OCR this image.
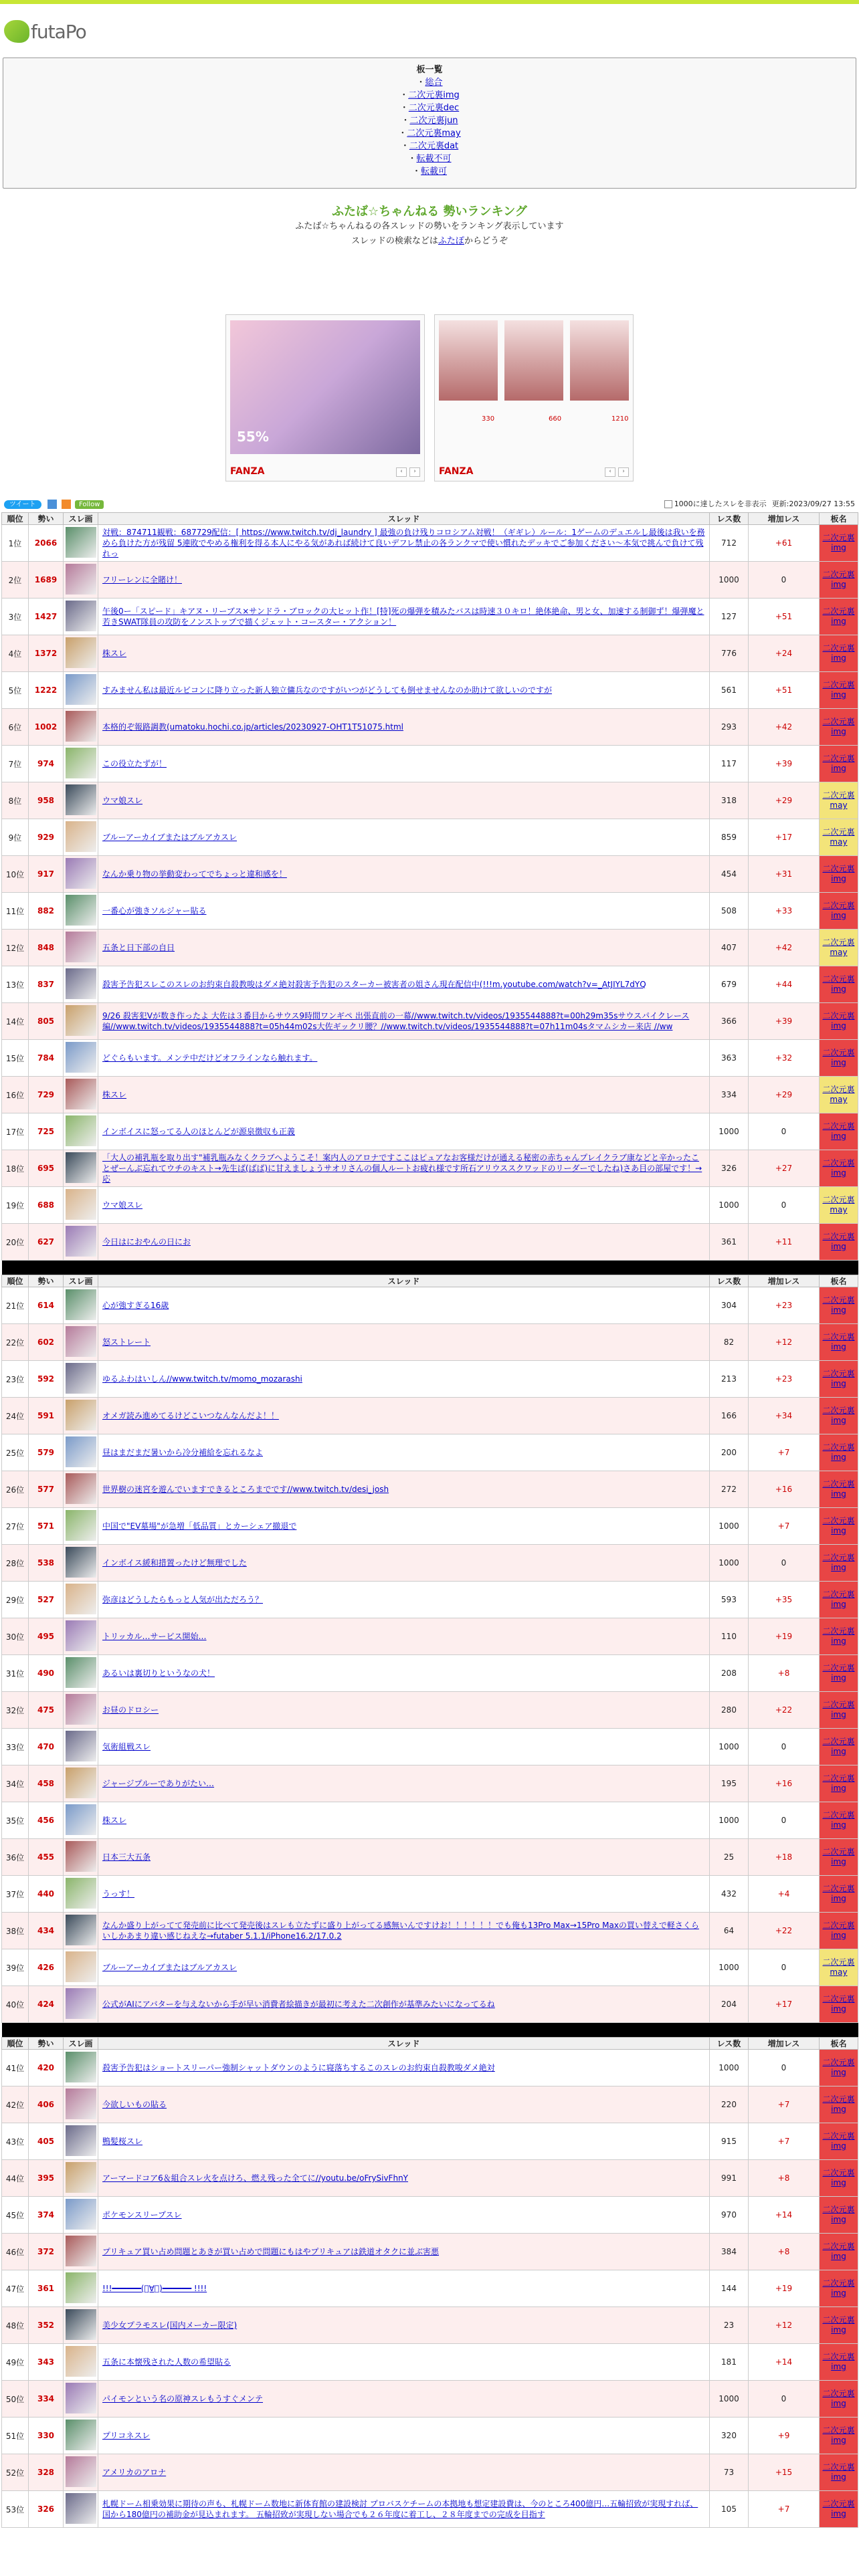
futaPo
板一覧
・総合
・二次元裏img
・二次元裏dec
・二次元裏jun
・二次元裏may
・二次元裏dat
・転載不可
・転載可
ふたば☆ちゃんねる 勢いランキング

ふたば☆ちゃんねるの各スレッドの勢いをランキング表示しています

スレッドの検索などはふたぽからどうぞ

55%
FANZA	‹	›
330	660	1210
FANZA	‹	›
ツイート	Follow	1000に達したスレを非表示 更新:2023/09/27 13:55
順位	勢い	スレ画	スレッド	レス数	増加レス	板名
1位	2066		対戦：874711観戦：687729配信：[ https://www.twitch.tv/dj_laundry ] 最強の負け残りコロシアム対戦！（ギギレ）ルール：1ゲームのデュエルし最後は我いを務めら負けた方が残留 5連敗でやめる権利を得る本人にやる気があれば続けて良いデフレ禁止の各ランクマで使い慣れたデッキでご参加ください～本気で挑んで負けて残れっ	712	+61	二次元裏img
2位	1689		フリーレンに全賭け！	1000	0	二次元裏img
3位	1427		午後0ー「スピード」キアヌ・リーブス×サンドラ・ブロックの大ヒット作！[特]死の爆弾を積みたバスは時速３０キロ！絶体絶命、男と女、加速する制御ず！爆弾魔と若きSWAT隊員の攻防をノンストップで描くジェット・コースター・アクション！	127	+51	二次元裏img
4位	1372		株スレ	776	+24	二次元裏img
5位	1222		すみません私は最近ルビコンに降り立った新人独立傭兵なのですがいつがどうしても倒せませんなのか助けて欲しいのですが	561	+51	二次元裏img
6位	1002		本格的ぞ報路調教(umatoku.hochi.co.jp/articles/20230927-OHT1T51075.html	293	+42	二次元裏img
7位	974		この役立たずが！	117	+39	二次元裏img
8位	958		ウマ娘スレ	318	+29	二次元裏may
9位	929		ブルーアーカイブまたはブルアカスレ	859	+17	二次元裏may
10位	917		なんか乗り物の挙動変わってでちょっと違和感を！	454	+31	二次元裏img
11位	882		一番心が強きソルジャー貼る	508	+33	二次元裏img
12位	848		五条と日下部の自日	407	+42	二次元裏may
13位	837		殺害予告犯スレこのスレのお約束自殺教唆はダメ絶対殺害予告犯のスターカー被害者の姐さん現在配信中(!!!m.youtube.com/watch?v=_AtJIYL7dYQ	679	+44	二次元裏img
14位	805		9/26 殺害犯Vが数き作ったよ 大佐は３番目からサウス9時間ワンギペ 出張直前の一幕//www.twitch.tv/videos/1935544888?t=00h29m35sサウスパイクレース編//www.twitch.tv/videos/1935544888?t=05h44m02s大佐ギックリ腰？//www.twitch.tv/videos/1935544888?t=07h11m04sタマムシカー来店 //ww	366	+39	二次元裏img
15位	784		どぐらもいます。メンテ中だけどオフラインなら触れます。	363	+32	二次元裏img
16位	729		株スレ	334	+29	二次元裏may
17位	725		インボイスに怒ってる人のほとんどが源泉徴収も正義	1000	0	二次元裏img
18位	695		「大人の補乳瓶を取り出す"補乳瓶みなくクラブへようこそ！案内人のアロナですここはピュアなお客様だけが通える秘密の赤ちゃんプレイクラブ康などと辛かったことぜーんぶ忘れてウチのキスト→先生ば(ばば)に甘えましょうサオリさんの個人ルートお疲れ様です所石アリウススクワッドのリーダーでしたね)さあ目の部屋です！→応	326	+27	二次元裏img
19位	688		ウマ娘スレ	1000	0	二次元裏may
20位	627		今日はにおやんの日にお	361	+11	二次元裏img

順位	勢い	スレ画	スレッド	レス数	増加レス	板名
21位	614		心が強すぎる16歳	304	+23	二次元裏img
22位	602		怒ストレート	82	+12	二次元裏img
23位	592		ゆるふわはいしん//www.twitch.tv/momo_mozarashi	213	+23	二次元裏img
24位	591		オメガ読み進めてるけどこいつなんなんだよ！！	166	+34	二次元裏img
25位	579		昼はまだまだ暑いから冷分補給を忘れるなよ	200	+7	二次元裏img
26位	577		世界樹の迷宮を遊んでいますできるところまでです//www.twitch.tv/desi_josh	272	+16	二次元裏img
27位	571		中国で"EV墓場"が急増「低品質」とカーシェア撤退で	1000	+7	二次元裏img
28位	538		インボイス緩和措置ったけど無理でした	1000	0	二次元裏img
29位	527		弥彦はどうしたらもっと人気が出ただろう？	593	+35	二次元裏img
30位	495		トリッカル…サービス開始…	110	+19	二次元裏img
31位	490		あるいは裏切りというなの犬！	208	+8	二次元裏img
32位	475		お昼のドロシー	280	+22	二次元裏img
33位	470		気術組戦スレ	1000	0	二次元裏img
34位	458		ジャージプルーでありがたい…	195	+16	二次元裏img
35位	456		株スレ	1000	0	二次元裏img
36位	455		日本三大五条	25	+18	二次元裏img
37位	440		うっす！	432	+4	二次元裏img
38位	434		なんか盛り上がってて発売前に比べて発売後はスレも立たずに盛り上がってる感無いんですけお！！！！！！でも俺も13Pro Max→15Pro Maxの買い替えで軽さくらいしかあまり違い感じねえな→futaber 5.1.1/iPhone16.2/17.0.2	64	+22	二次元裏img
39位	426		ブルーアーカイブまたはブルアカスレ	1000	0	二次元裏may
40位	424		公式がAIにアバターを与えないから手が早い消費者絵描きが最初に考えた二次創作が基準みたいになってるね	204	+17	二次元裏img

順位	勢い	スレ画	スレッド	レス数	増加レス	板名
41位	420		殺害予告犯はショートスリーパー強制シャットダウンのように寝落ちするこのスレのお約束自殺教唆ダメ絶対	1000	0	二次元裏img
42位	406		今欲しいもの貼る	220	+7	二次元裏img
43位	405		鴨髪桜スレ	915	+7	二次元裏img
44位	395		アーマードコア6＆組合スレ火を点けろ、燃え残った全てに//youtu.be/oFrySivFhnY	991	+8	二次元裏img
45位	374		ポケモンスリープスレ	970	+14	二次元裏img
46位	372		プリキュア買い占め問題とあきが買い占めで問題にもはやプリキュアは鉄道オタクに並ぶ害悪	384	+8	二次元裏img
47位	361		!!!━━━━━━(ﾟ∀ﾟ)━━━━━━ !!!!	144	+19	二次元裏img
48位	352		美少女プラモスレ(国内メーカー限定)	23	+12	二次元裏img
49位	343		五条に本懐残された人数の希望貼る	181	+14	二次元裏img
50位	334		パイモンという名の原神スレもうすぐメンテ	1000	0	二次元裏img
51位	330		プリコネスレ	320	+9	二次元裏img
52位	328		アメリカのアロナ	73	+15	二次元裏img
53位	326		札幌ドーム相乗効果に期待の声も、札幌ドーム数地に新体育館の建設検討 プロバスケチームの本拠地も想定建設費は、今のところ400億円…五輪招致が実現すれば、国から180億円の補助金が見込まれます。 五輪招致が実現しない場合でも２６年度に着工し、２８年度までの完成を目指す	105	+7	二次元裏img
